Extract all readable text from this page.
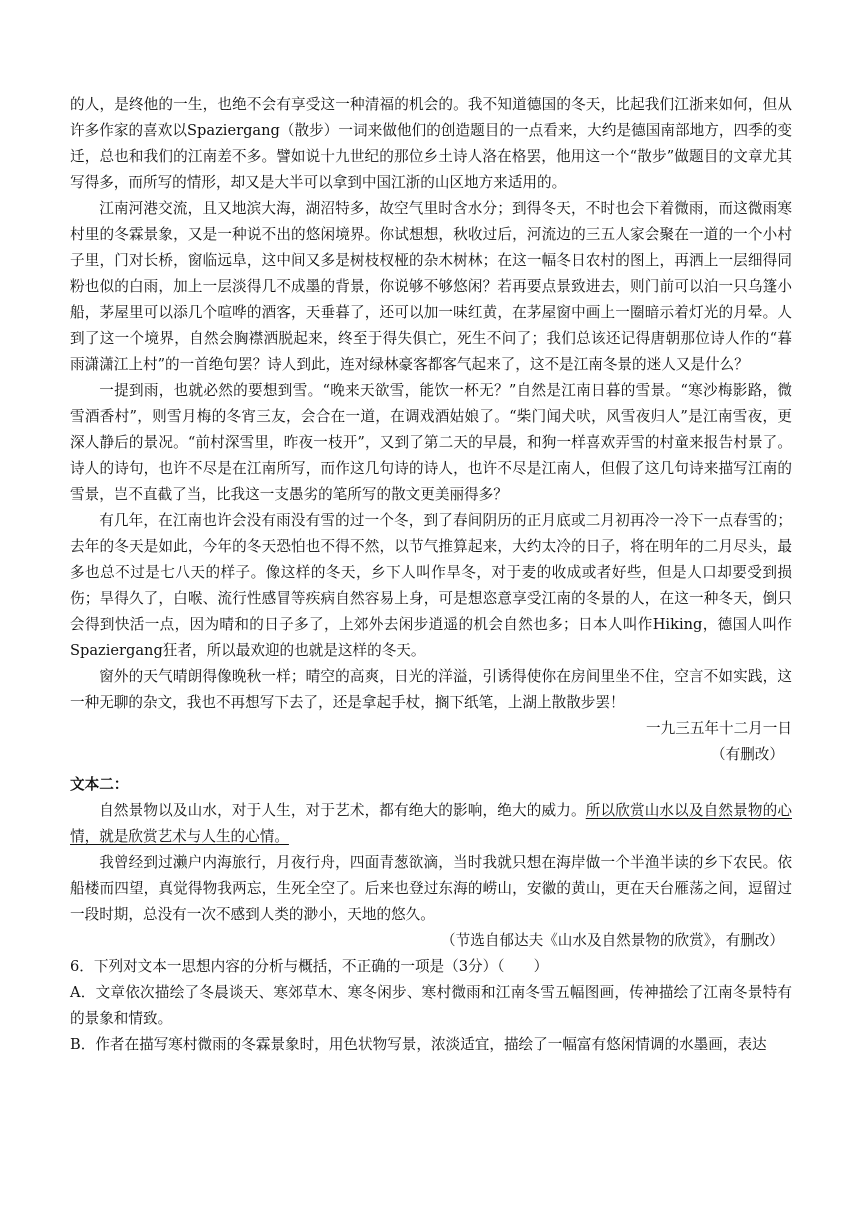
的人，是终他的一生，也绝不会有享受这一种清福的机会的。我不知道德国的冬天，比起我们江浙来如何，但从许多作家的喜欢以Spaziergang（散步）一词来做他们的创造题目的一点看来，大约是德国南部地方，四季的变迁，总也和我们的江南差不多。譬如说十九世纪的那位乡土诗人洛在格罢，他用这一个“散步”做题目的文章尤其写得多，而所写的情形，却又是大半可以拿到中国江浙的山区地方来适用的。

江南河港交流，且又地滨大海，湖沼特多，故空气里时含水分；到得冬天，不时也会下着微雨，而这微雨寒村里的冬霖景象，又是一种说不出的悠闲境界。你试想想，秋收过后，河流边的三五人家会聚在一道的一个小村子里，门对长桥，窗临远阜，这中间又多是树枝杈桠的杂木树林；在这一幅冬日农村的图上，再洒上一层细得同粉也似的白雨，加上一层淡得几不成墨的背景，你说够不够悠闲？若再要点景致进去，则门前可以泊一只乌篷小船，茅屋里可以添几个喧哗的酒客，天垂暮了，还可以加一味红黄，在茅屋窗中画上一圈暗示着灯光的月晕。人到了这一个境界，自然会胸襟洒脱起来，终至于得失俱亡，死生不问了；我们总该还记得唐朝那位诗人作的“暮雨潇潇江上村”的一首绝句罢？诗人到此，连对绿林豪客都客气起来了，这不是江南冬景的迷人又是什么？

一提到雨，也就必然的要想到雪。“晚来天欲雪，能饮一杯无？”自然是江南日暮的雪景。“寒沙梅影路，微雪酒香村”，则雪月梅的冬宵三友，会合在一道，在调戏酒姑娘了。“柴门闻犬吠，风雪夜归人”是江南雪夜，更深人静后的景况。“前村深雪里，昨夜一枝开”，又到了第二天的早晨，和狗一样喜欢弄雪的村童来报告村景了。诗人的诗句，也许不尽是在江南所写，而作这几句诗的诗人，也许不尽是江南人，但假了这几句诗来描写江南的雪景，岂不直截了当，比我这一支愚劣的笔所写的散文更美丽得多？

有几年，在江南也许会没有雨没有雪的过一个冬，到了春间阴历的正月底或二月初再冷一冷下一点春雪的；去年的冬天是如此，今年的冬天恐怕也不得不然，以节气推算起来，大约太冷的日子，将在明年的二月尽头，最多也总不过是七八天的样子。像这样的冬天，乡下人叫作旱冬，对于麦的收成或者好些，但是人口却要受到损伤；旱得久了，白喉、流行性感冒等疾病自然容易上身，可是想恣意享受江南的冬景的人，在这一种冬天，倒只会得到快活一点，因为晴和的日子多了，上郊外去闲步逍遥的机会自然也多；日本人叫作Hiking，德国人叫作Spaziergang狂者，所以最欢迎的也就是这样的冬天。

窗外的天气晴朗得像晚秋一样；晴空的高爽，日光的洋溢，引诱得使你在房间里坐不住，空言不如实践，这一种无聊的杂文，我也不再想写下去了，还是拿起手杖，搁下纸笔，上湖上散散步罢！

一九三五年十二月一日

（有删改）

文本二：

自然景物以及山水，对于人生，对于艺术，都有绝大的影响，绝大的威力。所以欣赏山水以及自然景物的心情，就是欣赏艺术与人生的心情。

我曾经到过濑户内海旅行，月夜行舟，四面青葱欲滴，当时我就只想在海岸做一个半渔半读的乡下农民。依船楼而四望，真觉得物我两忘，生死全空了。后来也登过东海的崂山，安徽的黄山，更在天台雁荡之间，逗留过一段时期，总没有一次不感到人类的渺小，天地的悠久。

（节选自郁达夫《山水及自然景物的欣赏》，有删改）

6．下列对文本一思想内容的分析与概括，不正确的一项是（3分）（　　）

A．文章依次描绘了冬晨谈天、寒郊草木、寒冬闲步、寒村微雨和江南冬雪五幅图画，传神描绘了江南冬景特有的景象和情致。

B．作者在描写寒村微雨的冬霖景象时，用色状物写景，浓淡适宜，描绘了一幅富有悠闲情调的水墨画，表达
